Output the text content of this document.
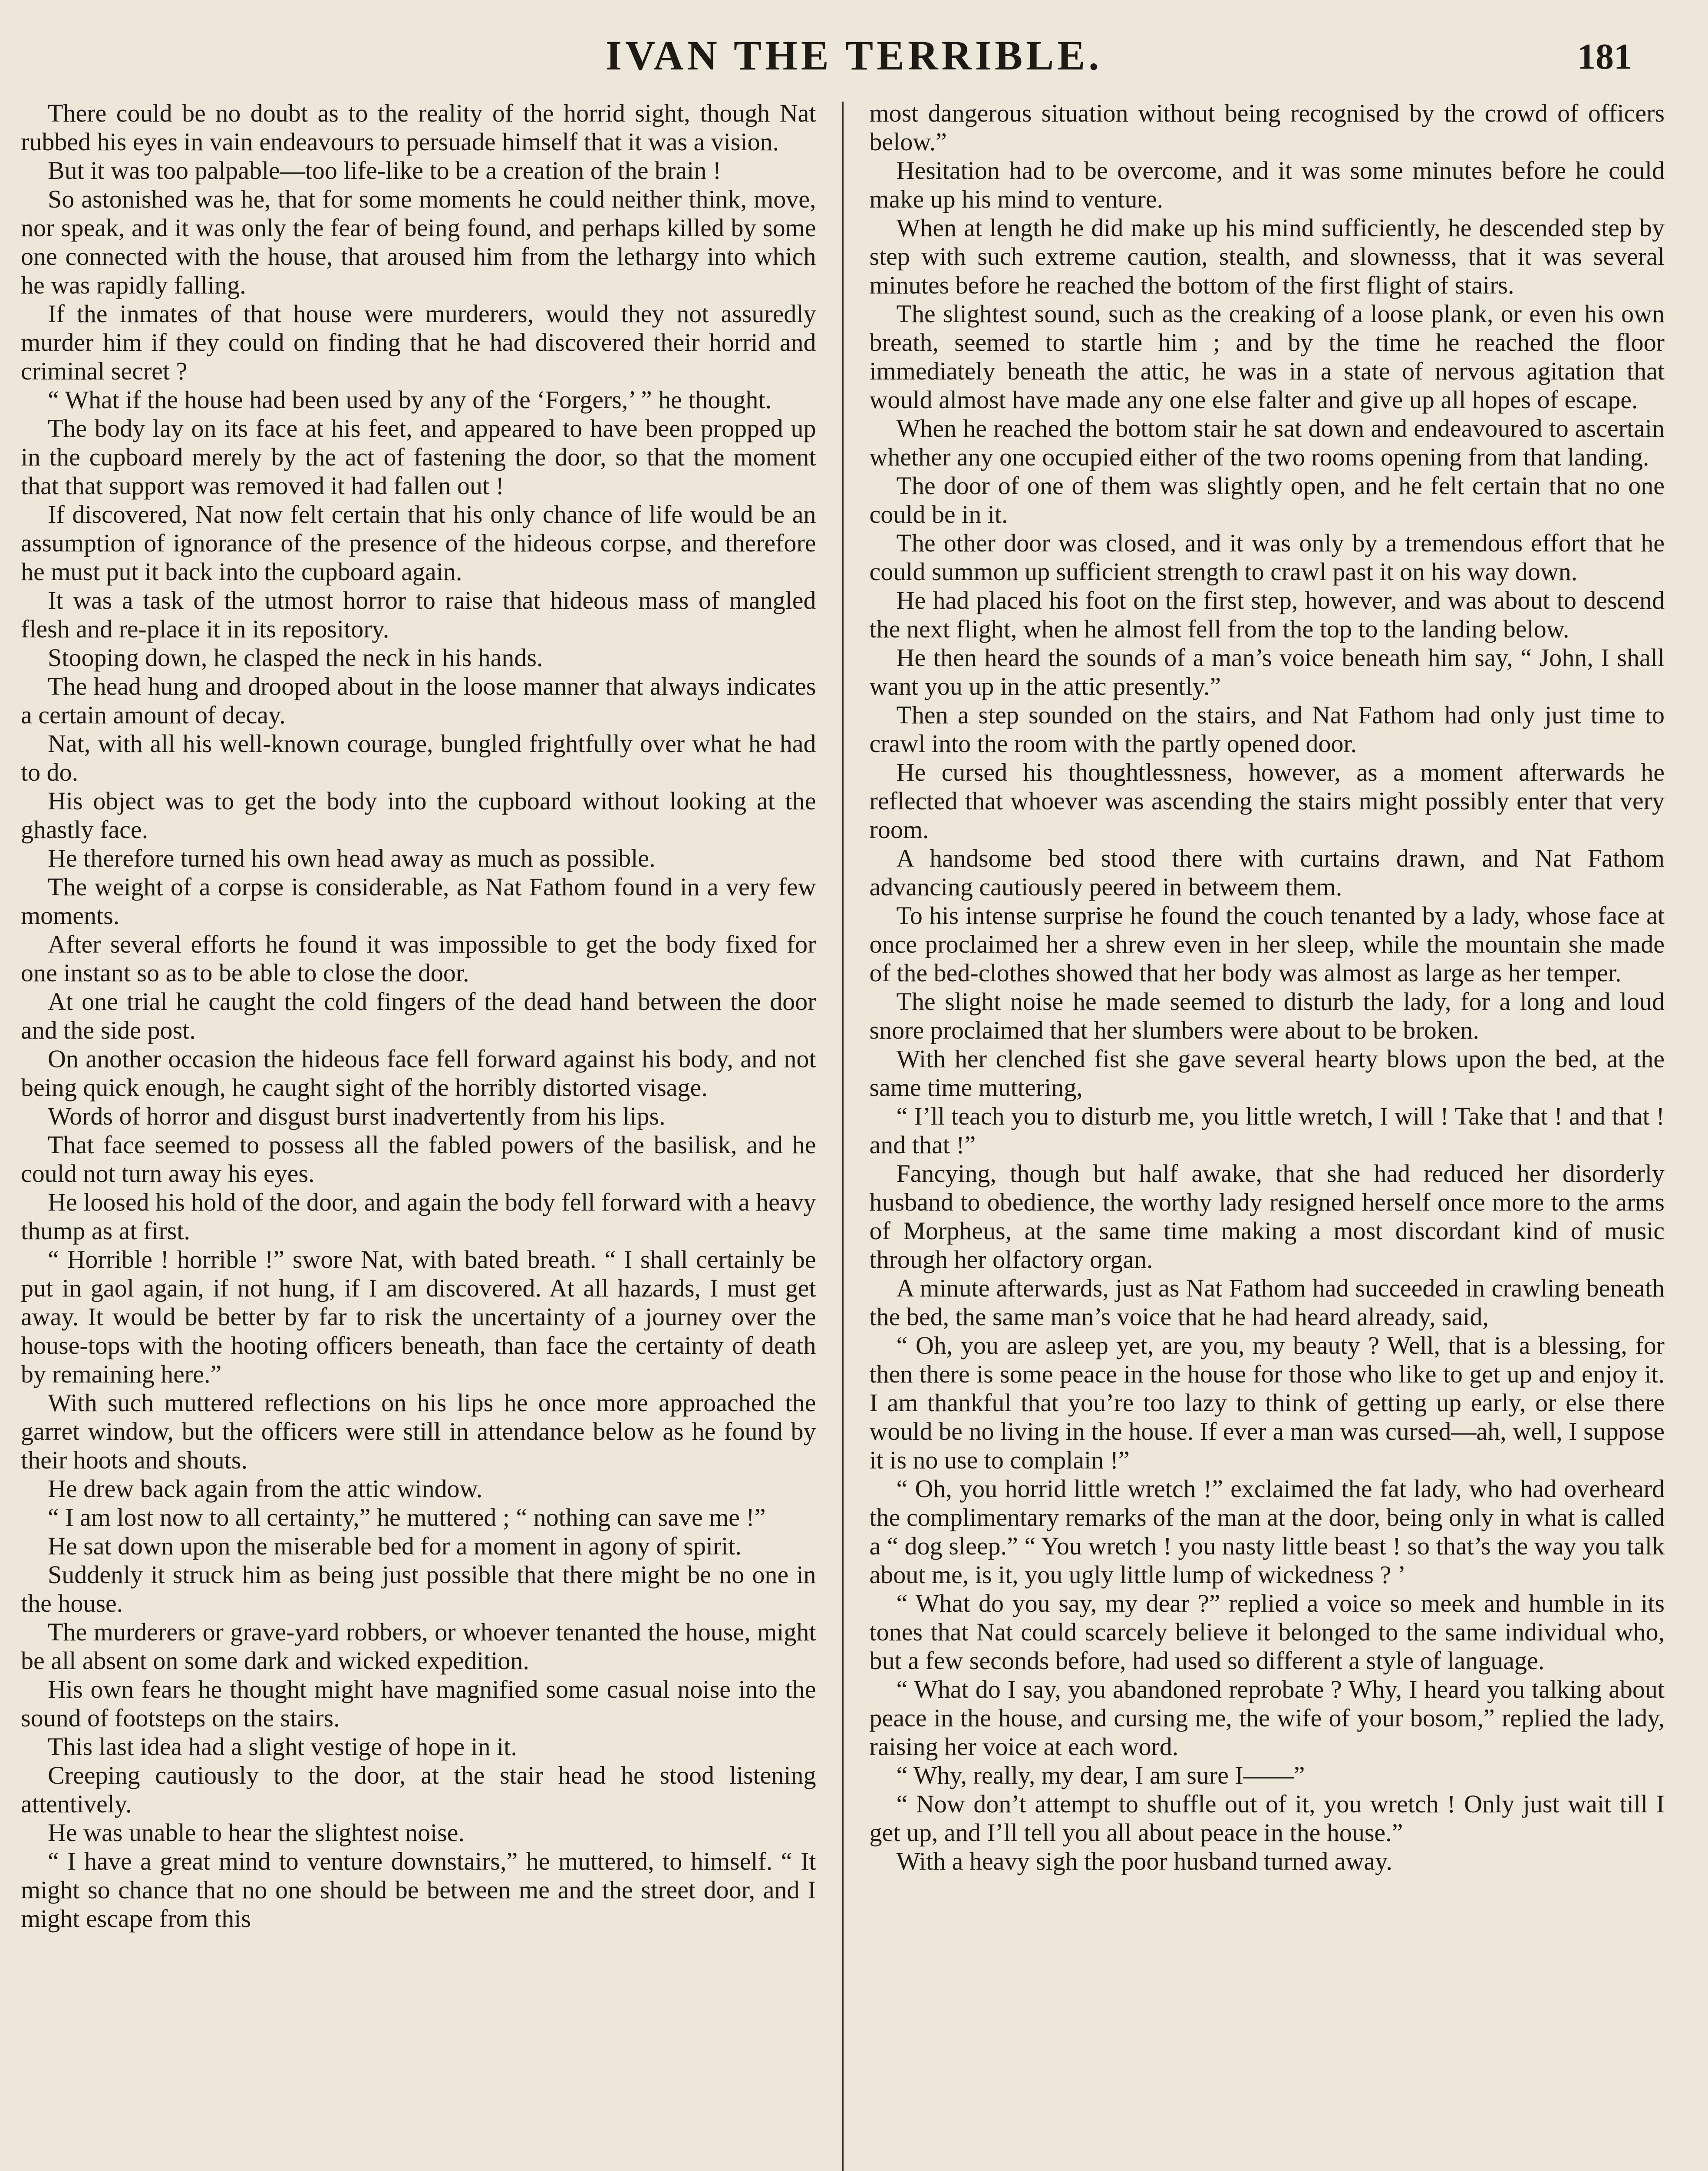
IVAN THE TERRIBLE.	181

There could be no doubt as to the reality of the horrid sight, though Nat rubbed his eyes in vain endeavours to persuade himself that it was a vision.

But it was too palpable—too life-like to be a creation of the brain !

So astonished was he, that for some moments he could neither think, move, nor speak, and it was only the fear of being found, and perhaps killed by some one connected with the house, that aroused him from the lethargy into which he was rapidly falling.

If the inmates of that house were murderers, would they not assuredly murder him if they could on finding that he had discovered their horrid and criminal secret ?

“ What if the house had been used by any of the ‘Forgers,’ ” he thought.

The body lay on its face at his feet, and appeared to have been propped up in the cupboard merely by the act of fastening the door, so that the moment that that support was removed it had fallen out !

If discovered, Nat now felt certain that his only chance of life would be an assumption of ignorance of the presence of the hideous corpse, and therefore he must put it back into the cupboard again.

It was a task of the utmost horror to raise that hideous mass of mangled flesh and re-place it in its repository.

Stooping down, he clasped the neck in his hands.

The head hung and drooped about in the loose manner that always indicates a certain amount of decay.

Nat, with all his well-known courage, bungled frightfully over what he had to do.

His object was to get the body into the cupboard without looking at the ghastly face.

He therefore turned his own head away as much as possible.

The weight of a corpse is considerable, as Nat Fathom found in a very few moments.

After several efforts he found it was impossible to get the body fixed for one instant so as to be able to close the door.

At one trial he caught the cold fingers of the dead hand between the door and the side post.

On another occasion the hideous face fell forward against his body, and not being quick enough, he caught sight of the horribly distorted visage.

Words of horror and disgust burst inadvertently from his lips.

That face seemed to possess all the fabled powers of the basilisk, and he could not turn away his eyes.

He loosed his hold of the door, and again the body fell forward with a heavy thump as at first.

“ Horrible ! horrible !” swore Nat, with bated breath. “ I shall certainly be put in gaol again, if not hung, if I am discovered. At all hazards, I must get away. It would be better by far to risk the uncertainty of a journey over the house-tops with the hooting officers beneath, than face the certainty of death by remaining here.”

With such muttered reflections on his lips he once more approached the garret window, but the officers were still in attendance below as he found by their hoots and shouts.

He drew back again from the attic window.

“ I am lost now to all certainty,” he muttered ; “ nothing can save me !”

He sat down upon the miserable bed for a moment in agony of spirit.

Suddenly it struck him as being just possible that there might be no one in the house.

The murderers or grave-yard robbers, or whoever tenanted the house, might be all absent on some dark and wicked expedition.

His own fears he thought might have magnified some casual noise into the sound of footsteps on the stairs.

This last idea had a slight vestige of hope in it.

Creeping cautiously to the door, at the stair head he stood listening attentively.

He was unable to hear the slightest noise.

“ I have a great mind to venture downstairs,” he muttered, to himself. “ It might so chance that no one should be between me and the street door, and I might escape from this

most dangerous situation without being recognised by the crowd of officers below.”

Hesitation had to be overcome, and it was some minutes before he could make up his mind to venture.

When at length he did make up his mind sufficiently, he descended step by step with such extreme caution, stealth, and slownesss, that it was several minutes before he reached the bottom of the first flight of stairs.

The slightest sound, such as the creaking of a loose plank, or even his own breath, seemed to startle him ; and by the time he reached the floor immediately beneath the attic, he was in a state of nervous agitation that would almost have made any one else falter and give up all hopes of escape.

When he reached the bottom stair he sat down and endeavoured to ascertain whether any one occupied either of the two rooms opening from that landing.

The door of one of them was slightly open, and he felt certain that no one could be in it.

The other door was closed, and it was only by a tremendous effort that he could summon up sufficient strength to crawl past it on his way down.

He had placed his foot on the first step, however, and was about to descend the next flight, when he almost fell from the top to the landing below.

He then heard the sounds of a man’s voice beneath him say, “ John, I shall want you up in the attic presently.”

Then a step sounded on the stairs, and Nat Fathom had only just time to crawl into the room with the partly opened door.

He cursed his thoughtlessness, however, as a moment afterwards he reflected that whoever was ascending the stairs might possibly enter that very room.

A handsome bed stood there with curtains drawn, and Nat Fathom advancing cautiously peered in betweem them.

To his intense surprise he found the couch tenanted by a lady, whose face at once proclaimed her a shrew even in her sleep, while the mountain she made of the bed-clothes showed that her body was almost as large as her temper.

The slight noise he made seemed to disturb the lady, for a long and loud snore proclaimed that her slumbers were about to be broken.

With her clenched fist she gave several hearty blows upon the bed, at the same time muttering,

“ I’ll teach you to disturb me, you little wretch, I will ! Take that ! and that ! and that !”

Fancying, though but half awake, that she had reduced her disorderly husband to obedience, the worthy lady resigned herself once more to the arms of Morpheus, at the same time making a most discordant kind of music through her olfactory organ.

A minute afterwards, just as Nat Fathom had succeeded in crawling beneath the bed, the same man’s voice that he had heard already, said,

“ Oh, you are asleep yet, are you, my beauty ? Well, that is a blessing, for then there is some peace in the house for those who like to get up and enjoy it. I am thankful that you’re too lazy to think of getting up early, or else there would be no living in the house. If ever a man was cursed—ah, well, I suppose it is no use to complain !”

“ Oh, you horrid little wretch !” exclaimed the fat lady, who had overheard the complimentary remarks of the man at the door, being only in what is called a “ dog sleep.” “ You wretch ! you nasty little beast ! so that’s the way you talk about me, is it, you ugly little lump of wickedness ? ’

“ What do you say, my dear ?” replied a voice so meek and humble in its tones that Nat could scarcely believe it belonged to the same individual who, but a few seconds before, had used so different a style of language.

“ What do I say, you abandoned reprobate ? Why, I heard you talking about peace in the house, and cursing me, the wife of your bosom,” replied the lady, raising her voice at each word.

“ Why, really, my dear, I am sure I——”

“ Now don’t attempt to shuffle out of it, you wretch ! Only just wait till I get up, and I’ll tell you all about peace in the house.”

With a heavy sigh the poor husband turned away.
